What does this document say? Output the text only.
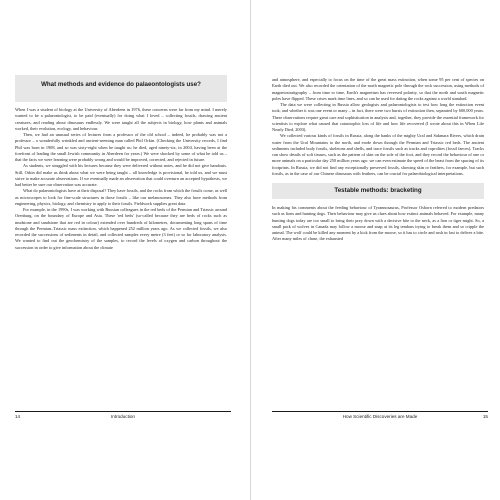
What methods and evidence do palaeontologists use?

When I was a student of biology at the University of Aberdeen in 1976, these concerns were far from my mind. I merely wanted to be a palaeontologist, to be paid (eventually) for doing what I loved – collecting fossils, drawing ancient creatures, and reading about dinosaurs endlessly. We were taught all the subjects in biology, how plants and animals worked, their evolution, ecology, and behaviour.

Then, we had an unusual series of lectures from a professor of the old school – indeed, he probably was not a professor – a wonderfully wrinkled and ancient-seeming man called Phil Orkin. (Checking the University records, I find Phil was born in 1908, and so was sixty-eight when he taught us; he died, aged ninety-six, in 2004, having been at the forefront of leading the small Jewish community in Aberdeen for years.) We were shocked by some of what he told us – that the facts we were learning were probably wrong and would be improved, corrected, and rejected in future.

As students, we struggled with his lectures because they were delivered without notes, and he did not give handouts. Still, Orkin did make us think about what we were being taught – all knowledge is provisional, he told us, and we must strive to make accurate observations. If we eventually made an observation that could overturn an accepted hypothesis, we had better be sure our observation was accurate.

What do palaeontologists have at their disposal? They have fossils, and the rocks from which the fossils come, as well as microscopes to look for fine-scale structures in those fossils – like our melanosomes. They also have methods from engineering, physics, biology, and chemistry to apply to their fossils. Fieldwork supplies great data.

For example, in the 1990s, I was working with Russian colleagues in the red beds of the Permian and Triassic around Orenburg, on the boundary of Europe and Asia. These 'red beds' (so-called because they are beds of rocks such as mudstone and sandstone that are red in colour) extended over hundreds of kilometres, documenting long spans of time through the Permian–Triassic mass extinction, which happened 252 million years ago. As we collected fossils, we also recorded the successions of sediments in detail, and collected samples every metre (3 feet) or so for laboratory analysis. We wanted to find out the geochemistry of the samples, to record the levels of oxygen and carbon throughout the succession in order to give information about the climate

14	Introduction

and atmosphere, and especially to focus on the time of the great mass extinction, when some 95 per cent of species on Earth died out. We also recorded the orientation of the north magnetic pole through the rock succession, using methods of magnetostratigraphy – from time to time, Earth's magnetism has reversed polarity, so that the north and south magnetic poles have flipped. These crises mark time lines, and so can be used for dating the rocks against a world standard.

The data we were collecting in Russia allow geologists and palaeontologists to test how long the extinction event took, and whether it was one event or many – in fact, there were two bursts of extinction then, separated by 600,000 years. These observations require great care and sophistication in analysis and, together, they provide the essential framework for scientists to explore what caused that catastrophic loss of life and how life recovered (I wrote about this in When Life Nearly Died, 2003).

We collected various kinds of fossils in Russia, along the banks of the mighty Ural and Sakmara Rivers, which drain water from the Ural Mountains to the north, and erode down through the Permian and Triassic red beds. The ancient sediments included body fossils, skeletons and shells, and trace fossils such as tracks and coprolites (fossil faeces). Tracks can show details of soft tissues, such as the pattern of skin on the sole of the foot, and they record the behaviour of one or more animals on a particular day 250 million years ago: we can even estimate the speed of the beast from the spacing of its footprints. In Russia, we did not find any exceptionally preserved fossils, showing skin or feathers, for example, but such fossils, as in the case of our Chinese dinosaurs with feathers, can be crucial for palaeobiological interpretations.

Testable methods: bracketing

In making his comments about the feeding behaviour of Tyrannosaurus, Professor Osborn referred to modern predators such as lions and hunting dogs. Their behaviour may give us clues about how extinct animals behaved. For example, many hunting dogs today are too small to bring their prey down with a decisive bite to the neck, as a lion or tiger might. So, a small pack of wolves in Canada may follow a moose and snap at its leg tendons trying to break them and so cripple the animal. The wolf could be killed any moment by a kick from the moose, so it has to circle and rush in fast to deliver a bite. After many miles of chase, the exhausted

How Scientific Discoveries are Made	15
